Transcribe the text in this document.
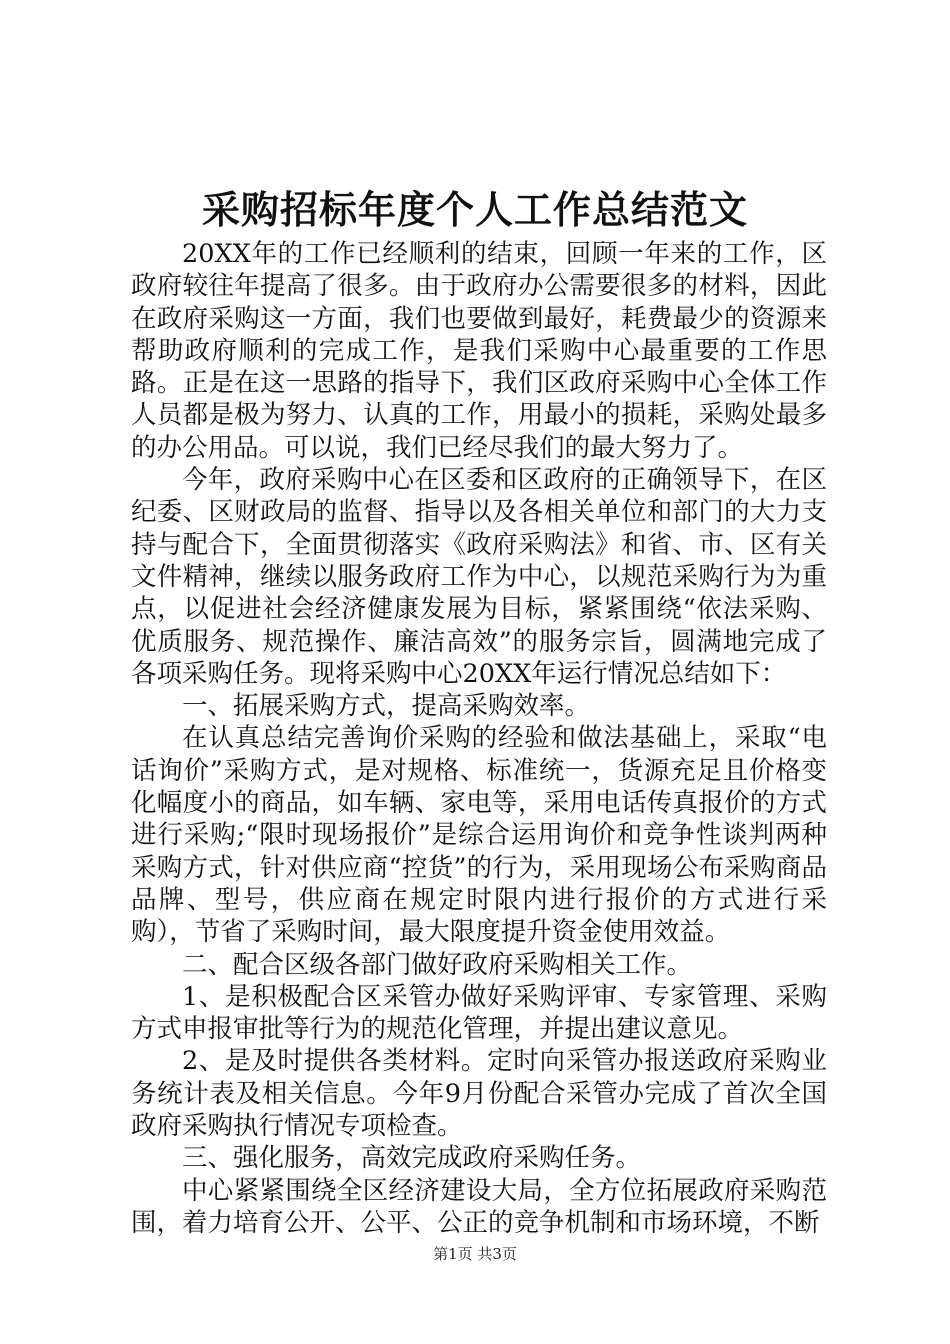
采购招标年度个人工作总结范文

20XX年的工作已经顺利的结束，回顾一年来的工作，区政府较往年提高了很多。由于政府办公需要很多的材料，因此在政府采购这一方面，我们也要做到最好，耗费最少的资源来帮助政府顺利的完成工作，是我们采购中心最重要的工作思路。正是在这一思路的指导下，我们区政府采购中心全体工作人员都是极为努力、认真的工作，用最小的损耗，采购处最多的办公用品。可以说，我们已经尽我们的最大努力了。

今年，政府采购中心在区委和区政府的正确领导下，在区纪委、区财政局的监督、指导以及各相关单位和部门的大力支持与配合下，全面贯彻落实《政府采购法》和省、市、区有关文件精神，继续以服务政府工作为中心，以规范采购行为为重点，以促进社会经济健康发展为目标，紧紧围绕“依法采购、优质服务、规范操作、廉洁高效”的服务宗旨，圆满地完成了各项采购任务。现将采购中心20XX年运行情况总结如下：

一、拓展采购方式，提高采购效率。

在认真总结完善询价采购的经验和做法基础上，采取“电话询价”采购方式，是对规格、标准统一，货源充足且价格变化幅度小的商品，如车辆、家电等，采用电话传真报价的方式进行采购;“限时现场报价”是综合运用询价和竞争性谈判两种采购方式，针对供应商“控货”的行为，采用现场公布采购商品品牌、型号，供应商在规定时限内进行报价的方式进行采购），节省了采购时间，最大限度提升资金使用效益。

二、配合区级各部门做好政府采购相关工作。

1、是积极配合区采管办做好采购评审、专家管理、采购方式申报审批等行为的规范化管理，并提出建议意见。

2、是及时提供各类材料。定时向采管办报送政府采购业务统计表及相关信息。今年9月份配合采管办完成了首次全国政府采购执行情况专项检查。

三、强化服务，高效完成政府采购任务。

中心紧紧围绕全区经济建设大局，全方位拓展政府采购范围，着力培育公开、公平、公正的竞争机制和市场环境，不断

第1页 共3页
